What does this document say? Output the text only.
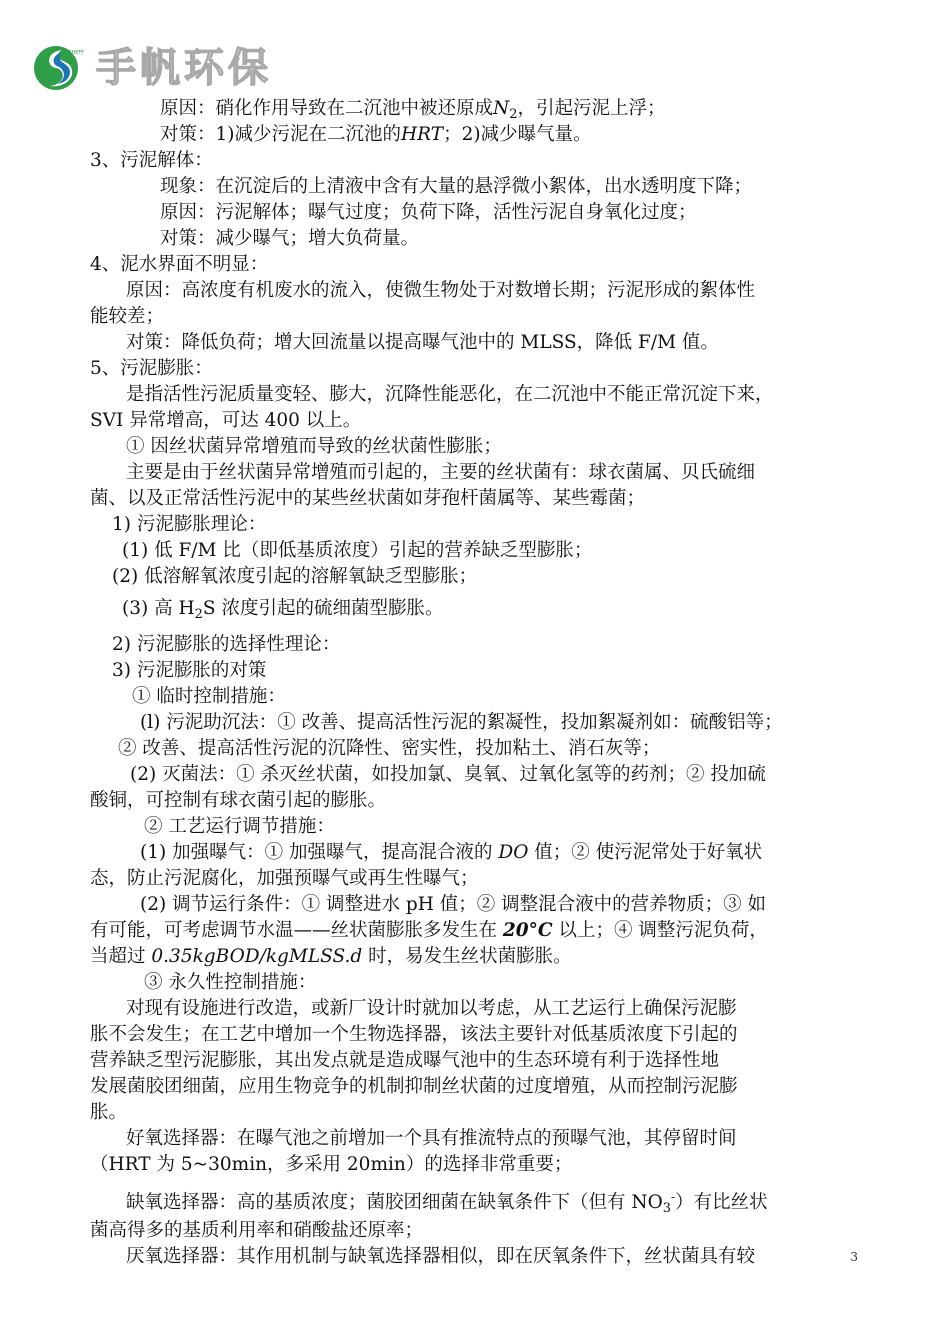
CHEFF 手帆环保
原因：硝化作用导致在二沉池中被还原成$N_2$，引起污泥上浮；
对策：1)减少污泥在二沉池的HRT；2)减少曝气量。
3、污泥解体：
现象：在沉淀后的上清液中含有大量的悬浮微小絮体，出水透明度下降；
原因：污泥解体；曝气过度；负荷下降，活性污泥自身氧化过度；
对策：减少曝气；增大负荷量。
4、泥水界面不明显：
原因：高浓度有机废水的流入，使微生物处于对数增长期；污泥形成的絮体性
能较差；
对策：降低负荷；增大回流量以提高曝气池中的 MLSS，降低 F/M 值。
5、污泥膨胀：
是指活性污泥质量变轻、膨大，沉降性能恶化，在二沉池中不能正常沉淀下来，
SVI 异常增高，可达 400 以上。
① 因丝状菌异常增殖而导致的丝状菌性膨胀；
主要是由于丝状菌异常增殖而引起的，主要的丝状菌有：球衣菌属、贝氏硫细
菌、以及正常活性污泥中的某些丝状菌如芽孢杆菌属等、某些霉菌；
1) 污泥膨胀理论：
(1) 低 F/M 比（即低基质浓度）引起的营养缺乏型膨胀；
(2) 低溶解氧浓度引起的溶解氧缺乏型膨胀；
(3) 高 $H_2S$ 浓度引起的硫细菌型膨胀。
2) 污泥膨胀的选择性理论：
3) 污泥膨胀的对策
① 临时控制措施：
(l) 污泥助沉法：① 改善、提高活性污泥的絮凝性，投加絮凝剂如：硫酸铝等；
② 改善、提高活性污泥的沉降性、密实性，投加粘土、消石灰等；
(2) 灭菌法：① 杀灭丝状菌，如投加氯、臭氧、过氧化氢等的药剂；② 投加硫
酸铜，可控制有球衣菌引起的膨胀。
② 工艺运行调节措施：
(1) 加强曝气：① 加强曝气，提高混合液的 DO 值；② 使污泥常处于好氧状
态，防止污泥腐化，加强预曝气或再生性曝气；
(2) 调节运行条件：① 调整进水 pH 值；② 调整混合液中的营养物质；③ 如
有可能，可考虑调节水温——丝状菌膨胀多发生在 20°C 以上；④ 调整污泥负荷，
当超过 0.35kgBOD/kgMLSS.d 时，易发生丝状菌膨胀。
③ 永久性控制措施：
对现有设施进行改造，或新厂设计时就加以考虑，从工艺运行上确保污泥膨
胀不会发生；在工艺中增加一个生物选择器，该法主要针对低基质浓度下引起的
营养缺乏型污泥膨胀，其出发点就是造成曝气池中的生态环境有利于选择性地
发展菌胶团细菌，应用生物竞争的机制抑制丝状菌的过度增殖，从而控制污泥膨
胀。
好氧选择器：在曝气池之前增加一个具有推流特点的预曝气池，其停留时间
（HRT 为 5~30min，多采用 20min）的选择非常重要；
缺氧选择器：高的基质浓度；菌胶团细菌在缺氧条件下（但有 $NO_3^-$）有比丝状
菌高得多的基质利用率和硝酸盐还原率；
厌氧选择器：其作用机制与缺氧选择器相似，即在厌氧条件下，丝状菌具有较	3
